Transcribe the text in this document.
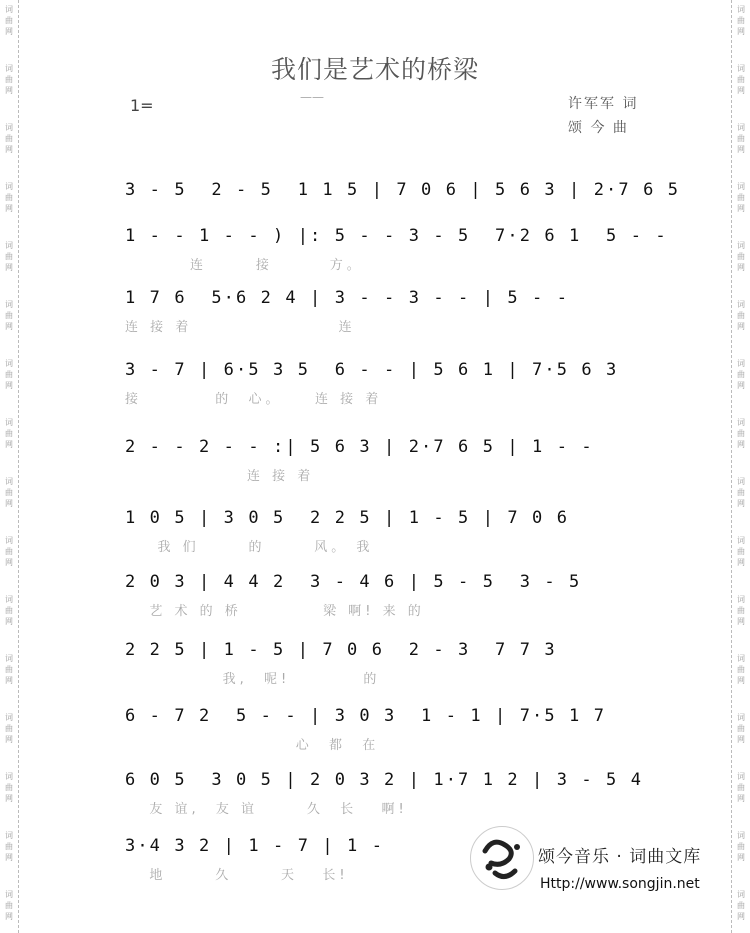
我们是艺术的桥梁
——
1=	许军军 词
颂 今 曲
3 - 5  2 - 5  1 1 5 | 7 0 6 | 5 6 3 | 2·7 6 5
1 - - 1 - - ) |: 5 - - 3 - 5  7·2 6 1  5 - -
连      接       方。
1 7 6  5·6 2 4 | 3 - - 3 - - | 5 - -
连 接 着                  连
3 - 7 | 6·5 3 5  6 - - | 5 6 1 | 7·5 6 3
接         的  心。    连 接 着
2 - - 2 - - :| 5 6 3 | 2·7 6 5 | 1 - -
连 接 着
1 0 5 | 3 0 5  2 2 5 | 1 - 5 | 7 0 6
我 们      的      风。 我
2 0 3 | 4 4 2  3 - 4 6 | 5 - 5  3 - 5
艺 术 的 桥          梁 啊! 来 的
2 2 5 | 1 - 5 | 7 0 6  2 - 3  7 7 3
我,  呢!         的
6 - 7 2  5 - - | 3 0 3  1 - 1 | 7·5 1 7
心  都  在
6 0 5  3 0 5 | 2 0 3 2 | 1·7 1 2 | 3 - 5 4
友 谊,  友 谊      久  长   啊!
3·4 3 2 | 1 - 7 | 1 -
地      久      天   长!
颂今音乐 · 词曲文库
Http://www.songjin.net
词
曲
网
词
曲
网
词
曲
网
词
曲
网
词
曲
网
词
曲
网
词
曲
网
词
曲
网
词
曲
网
词
曲
网
词
曲
网
词
曲
网
词
曲
网
词
曲
网
词
曲
网
词
曲
网
词
曲
网
词
曲
网
词
曲
网
词
曲
网
词
曲
网
词
曲
网
词
曲
网
词
曲
网
词
曲
网
词
曲
网
词
曲
网
词
曲
网
词
曲
网
词
曲
网
词
曲
网
词
曲
网
